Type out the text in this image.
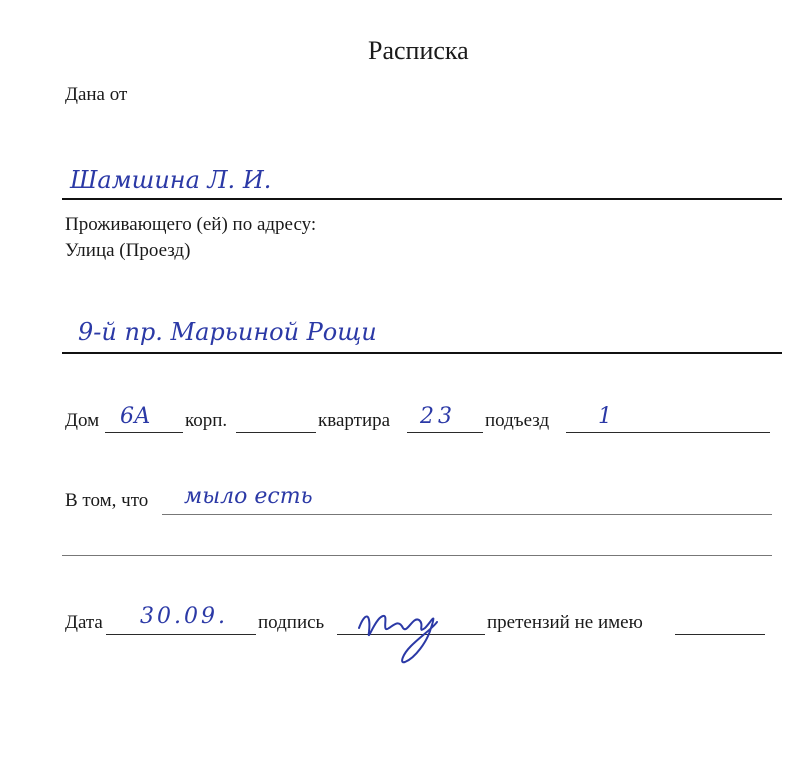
Расписка
Дана от
Шамшина Л. И.
Проживающего (ей) по адресу:
Улица (Проезд)
9-й пр. Марьиной Рощи
Дом 6А корп.	квартира 23 подъезд 1
В том, что мыло есть
Дата 30.09. подпись	претензий не имею
